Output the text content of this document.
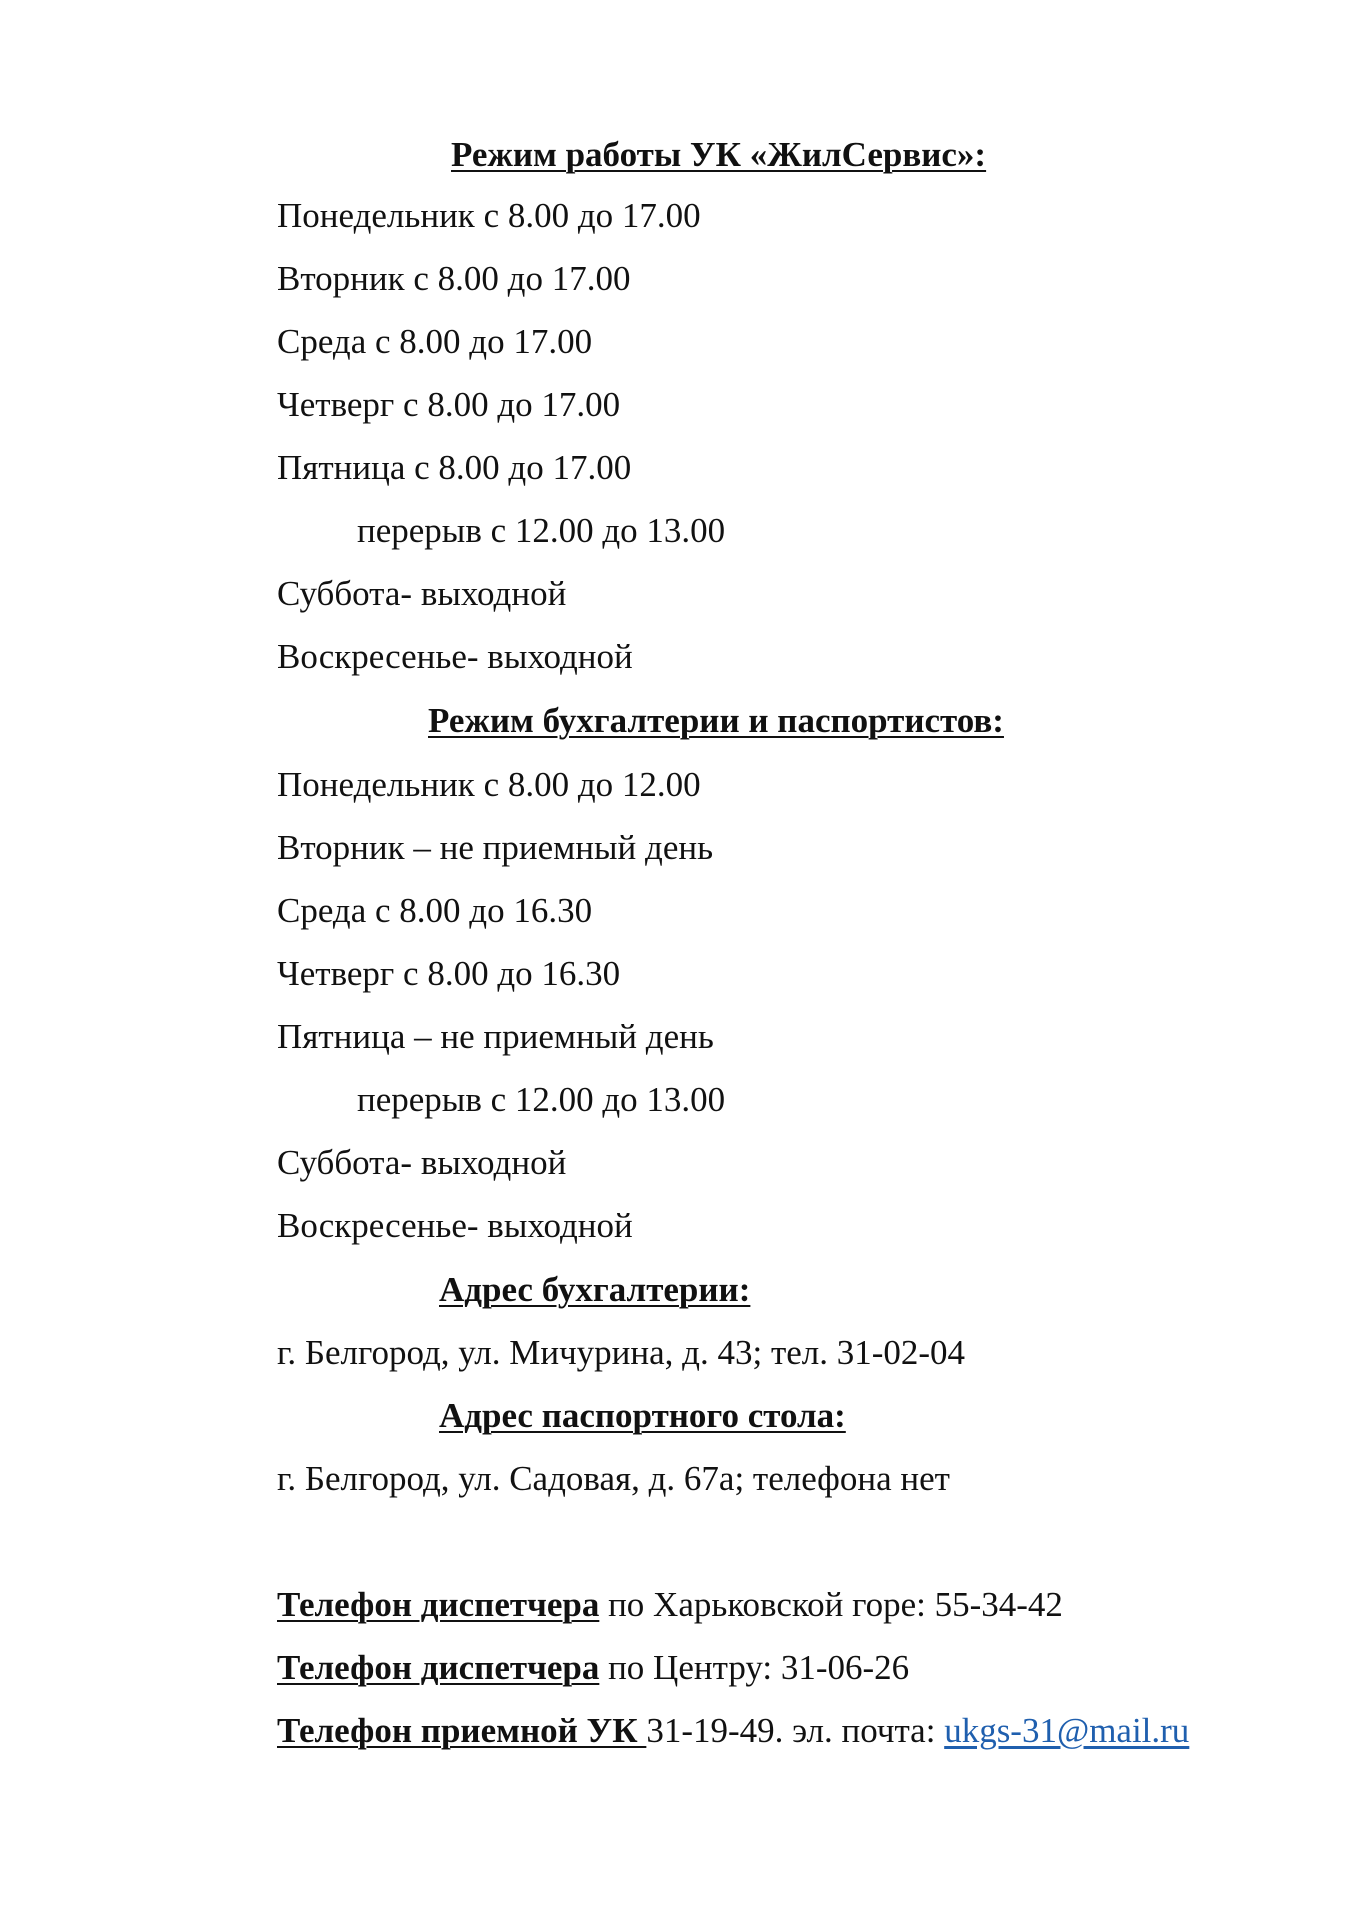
Режим работы УК «ЖилСервис»:
Понедельник с 8.00 до 17.00
Вторник с 8.00 до 17.00
Среда с 8.00 до 17.00
Четверг с 8.00 до 17.00
Пятница с 8.00 до 17.00
перерыв с 12.00 до 13.00
Суббота- выходной
Воскресенье- выходной
Режим бухгалтерии и паспортистов:
Понедельник с 8.00 до 12.00
Вторник – не приемный день
Среда с 8.00 до 16.30
Четверг с 8.00 до 16.30
Пятница – не приемный день
перерыв с 12.00 до 13.00
Суббота- выходной
Воскресенье- выходной
Адрес бухгалтерии:
г. Белгород, ул. Мичурина, д. 43; тел. 31-02-04
Адрес паспортного стола:
г. Белгород, ул. Садовая, д. 67а; телефона нет
Телефон диспетчера по Харьковской горе: 55-34-42
Телефон диспетчера по Центру: 31-06-26
Телефон приемной УК 31-19-49. эл. почта: ukgs-31@mail.ru
